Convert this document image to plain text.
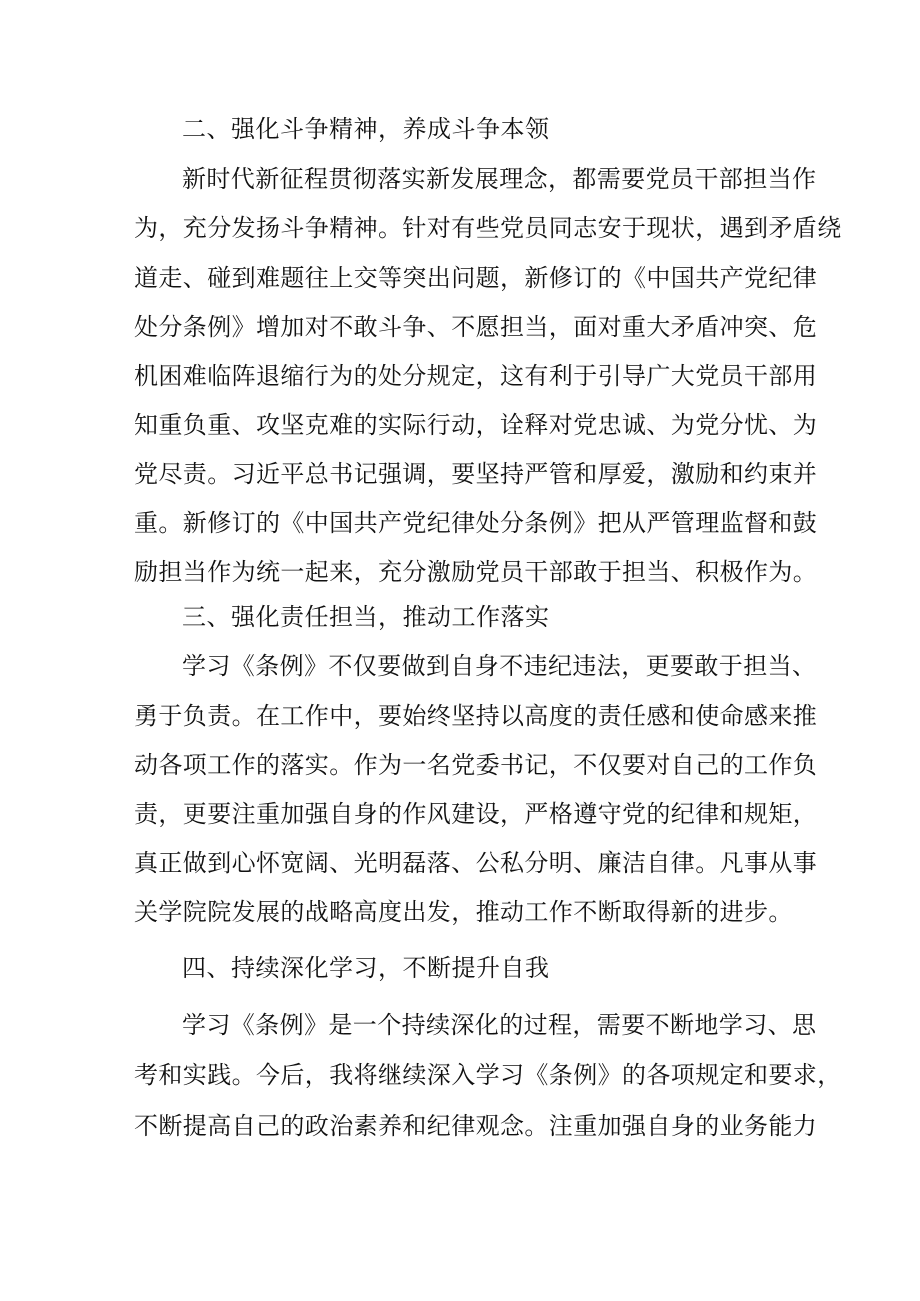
二、强化斗争精神，养成斗争本领
新时代新征程贯彻落实新发展理念，都需要党员干部担当作
为，充分发扬斗争精神。针对有些党员同志安于现状，遇到矛盾绕
道走、碰到难题往上交等突出问题，新修订的《中国共产党纪律
处分条例》增加对不敢斗争、不愿担当，面对重大矛盾冲突、危
机困难临阵退缩行为的处分规定，这有利于引导广大党员干部用
知重负重、攻坚克难的实际行动，诠释对党忠诚、为党分忧、为
党尽责。习近平总书记强调，要坚持严管和厚爱，激励和约束并
重。新修订的《中国共产党纪律处分条例》把从严管理监督和鼓
励担当作为统一起来，充分激励党员干部敢于担当、积极作为。
三、强化责任担当，推动工作落实
学习《条例》不仅要做到自身不违纪违法，更要敢于担当、
勇于负责。在工作中，要始终坚持以高度的责任感和使命感来推
动各项工作的落实。作为一名党委书记，不仅要对自己的工作负
责，更要注重加强自身的作风建设，严格遵守党的纪律和规矩，
真正做到心怀宽阔、光明磊落、公私分明、廉洁自律。凡事从事
关学院院发展的战略高度出发，推动工作不断取得新的进步。
四、持续深化学习，不断提升自我
学习《条例》是一个持续深化的过程，需要不断地学习、思
考和实践。今后，我将继续深入学习《条例》的各项规定和要求，
不断提高自己的政治素养和纪律观念。注重加强自身的业务能力
